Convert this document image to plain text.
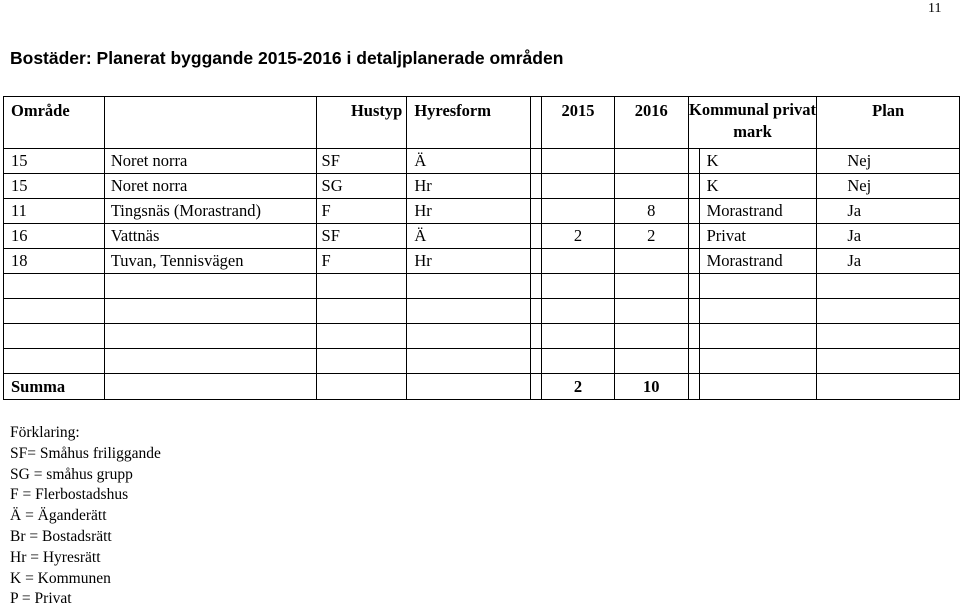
11
Bostäder: Planerat byggande 2015-2016 i detaljplanerade områden
Område		Hustyp	Hyresform		2015	2016	Kommunal privat mark		Plan
15	Noret norra	SF	Ä					K	Nej
15	Noret norra	SG	Hr					K	Nej
11	Tingsnäs (Morastrand)	F	Hr			8		Morastrand	Ja
16	Vattnäs	SF	Ä		2	2		Privat	Ja
18	Tuvan, Tennisvägen	F	Hr					Morastrand	Ja

Summa					2	10			
Förklaring:
SF= Småhus friliggande
SG = småhus grupp
F = Flerbostadshus
Ä = Äganderätt
Br = Bostadsrätt
Hr = Hyresrätt
K = Kommunen
P = Privat
